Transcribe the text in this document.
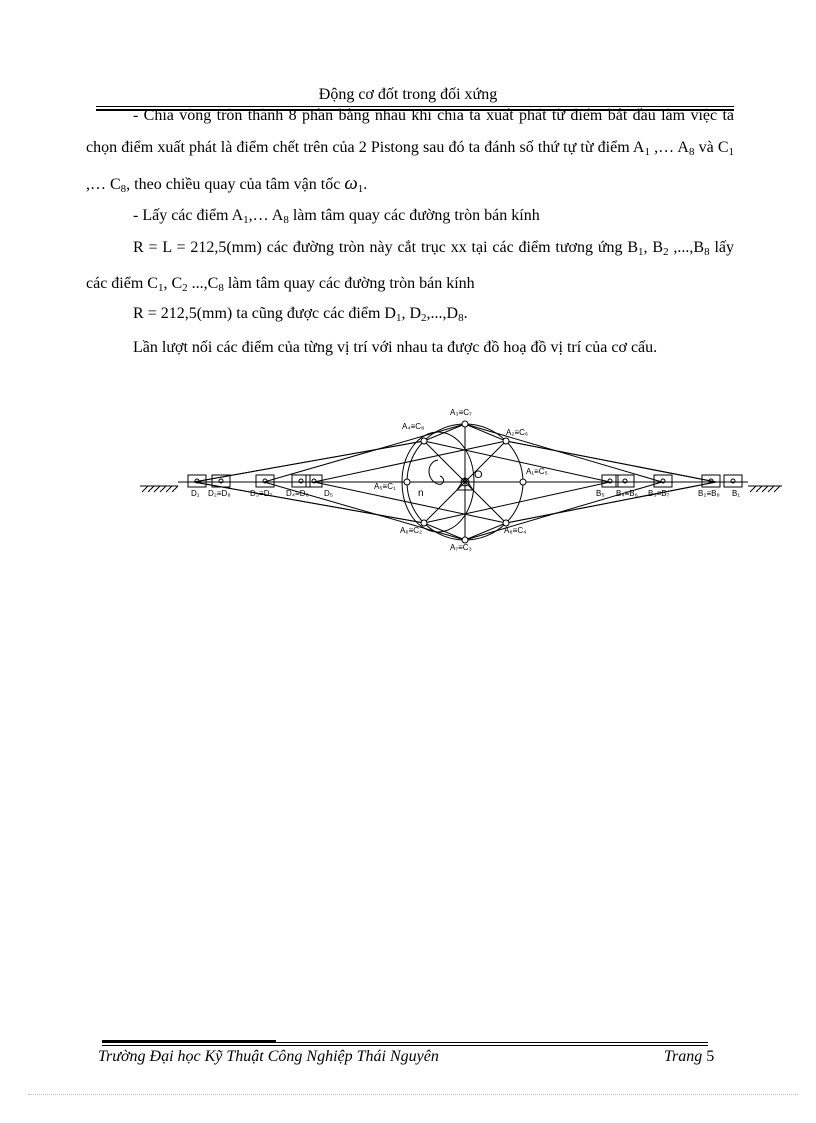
Động cơ đốt trong đối xứng

- Chia vòng tròn thành 8 phần bằng nhau khi chia ta xuất phát từ điểm bắt đầu làm việc ta chọn điểm xuất phát là điểm chết trên của 2 Pistong sau đó ta đánh số thứ tự từ điểm $A_1$ ,… $A_8$ và $C_1$ ,… $C_8$, theo chiều quay của tâm vận tốc $\omega_1$.

- Lấy các điểm $A_1,\dots$ $A_8$ làm tâm quay các đường tròn bán kính

R = L = 212,5(mm) các đường tròn này cắt trục xx tại các điểm tương ứng $B_1$, $B_2$ $,...,B_8$ lấy các điểm $C_1$, $C_2$ $...,C_8$ làm tâm quay các đường tròn bán kính

R = 212,5(mm) ta cũng được các điểm $D_1$, $D_2,...,D_8$.

Lần lượt nối các điểm của từng vị trí với nhau ta được đồ hoạ đồ vị trí của cơ cấu.

A₃≡C₇
A₇≡C₃
A₄≡C₈
A₂≡C₆
A₆≡C₂	A₈≡C₄
A₅≡C₁
A₁≡C₅
O
n
D₁ D₂≡D₈ D₃≡D₇ D₄≡D₆ D₅	B₅ B₄≡B₆ B₃≡B₇	B₂≡B₈ B₁
Trường Đại học Kỹ Thuật Công Nghiệp Thái Nguyên	Trang 5
